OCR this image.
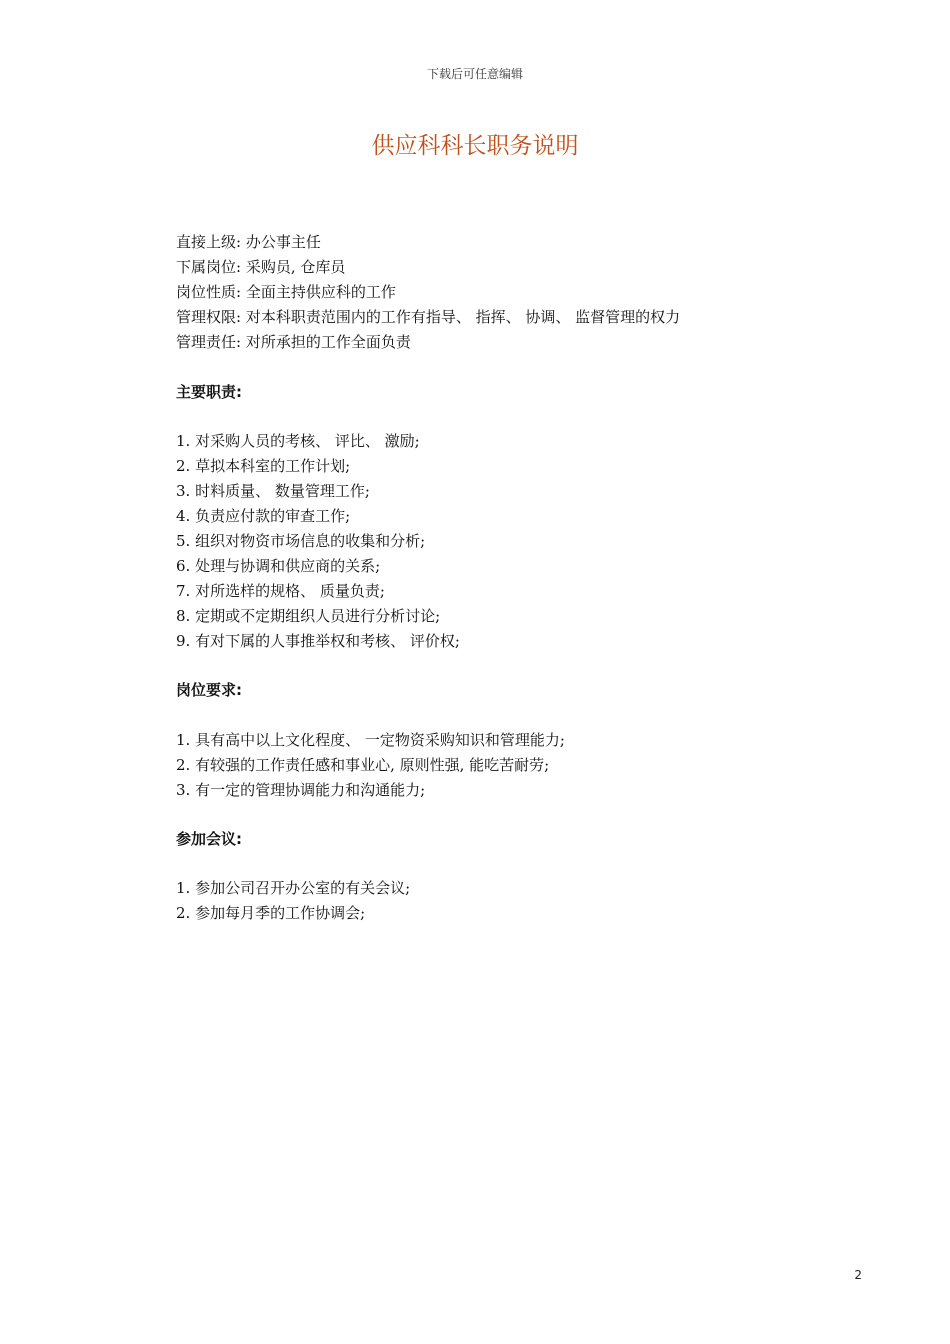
下载后可任意编辑
供应科科长职务说明
直接上级: 办公事主任
下属岗位: 采购员, 仓库员
岗位性质: 全面主持供应科的工作
管理权限: 对本科职责范围内的工作有指导、 指挥、 协调、 监督管理的权力
管理责任: 对所承担的工作全面负责
主要职责:
1. 对采购人员的考核、 评比、 激励;
2. 草拟本科室的工作计划;
3. 时料质量、 数量管理工作;
4. 负责应付款的审查工作;
5. 组织对物资市场信息的收集和分析;
6. 处理与协调和供应商的关系;
7. 对所选样的规格、 质量负责;
8. 定期或不定期组织人员进行分析讨论;
9. 有对下属的人事推举权和考核、 评价权;
岗位要求:
1. 具有高中以上文化程度、 一定物资采购知识和管理能力;
2. 有较强的工作责任感和事业心, 原则性强, 能吃苦耐劳;
3. 有一定的管理协调能力和沟通能力;
参加会议:
1. 参加公司召开办公室的有关会议;
2. 参加每月季的工作协调会;
2
